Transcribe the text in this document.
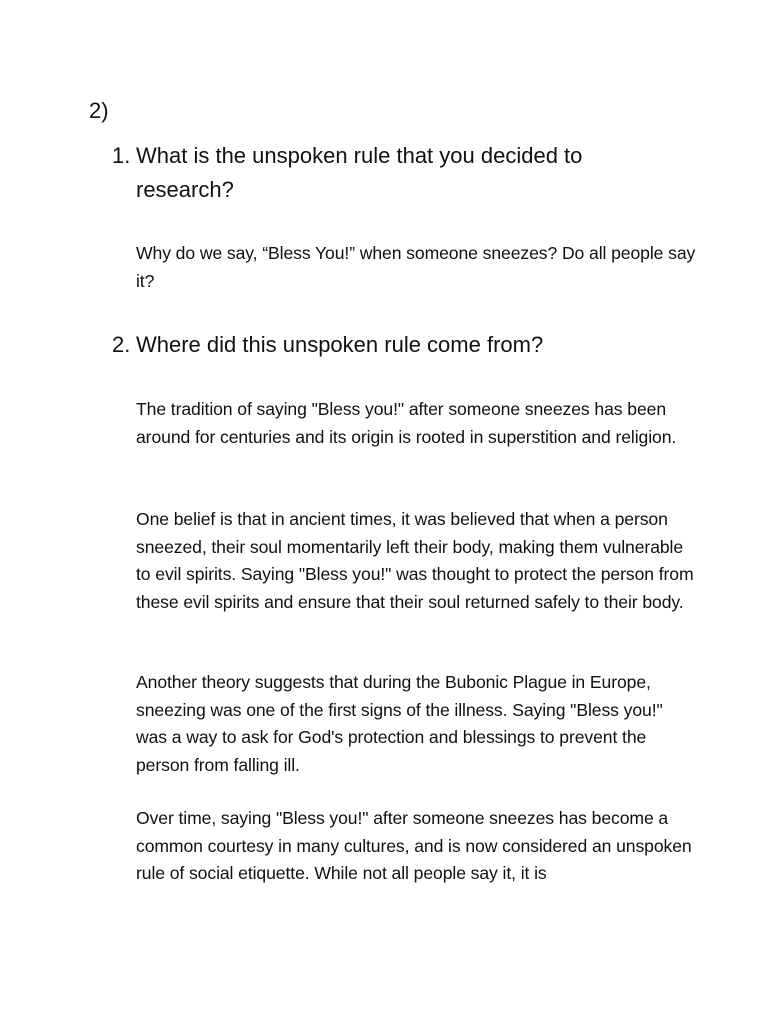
2)
1. What is the unspoken rule that you decided to research?
Why do we say, “Bless You!” when someone sneezes? Do all people say it?
2. Where did this unspoken rule come from?
The tradition of saying "Bless you!" after someone sneezes has been around for centuries and its origin is rooted in superstition and religion.
One belief is that in ancient times, it was believed that when a person sneezed, their soul momentarily left their body, making them vulnerable to evil spirits. Saying "Bless you!" was thought to protect the person from these evil spirits and ensure that their soul returned safely to their body.
Another theory suggests that during the Bubonic Plague in Europe, sneezing was one of the first signs of the illness. Saying "Bless you!" was a way to ask for God's protection and blessings to prevent the person from falling ill.
Over time, saying "Bless you!" after someone sneezes has become a common courtesy in many cultures, and is now considered an unspoken rule of social etiquette. While not all people say it, it is
